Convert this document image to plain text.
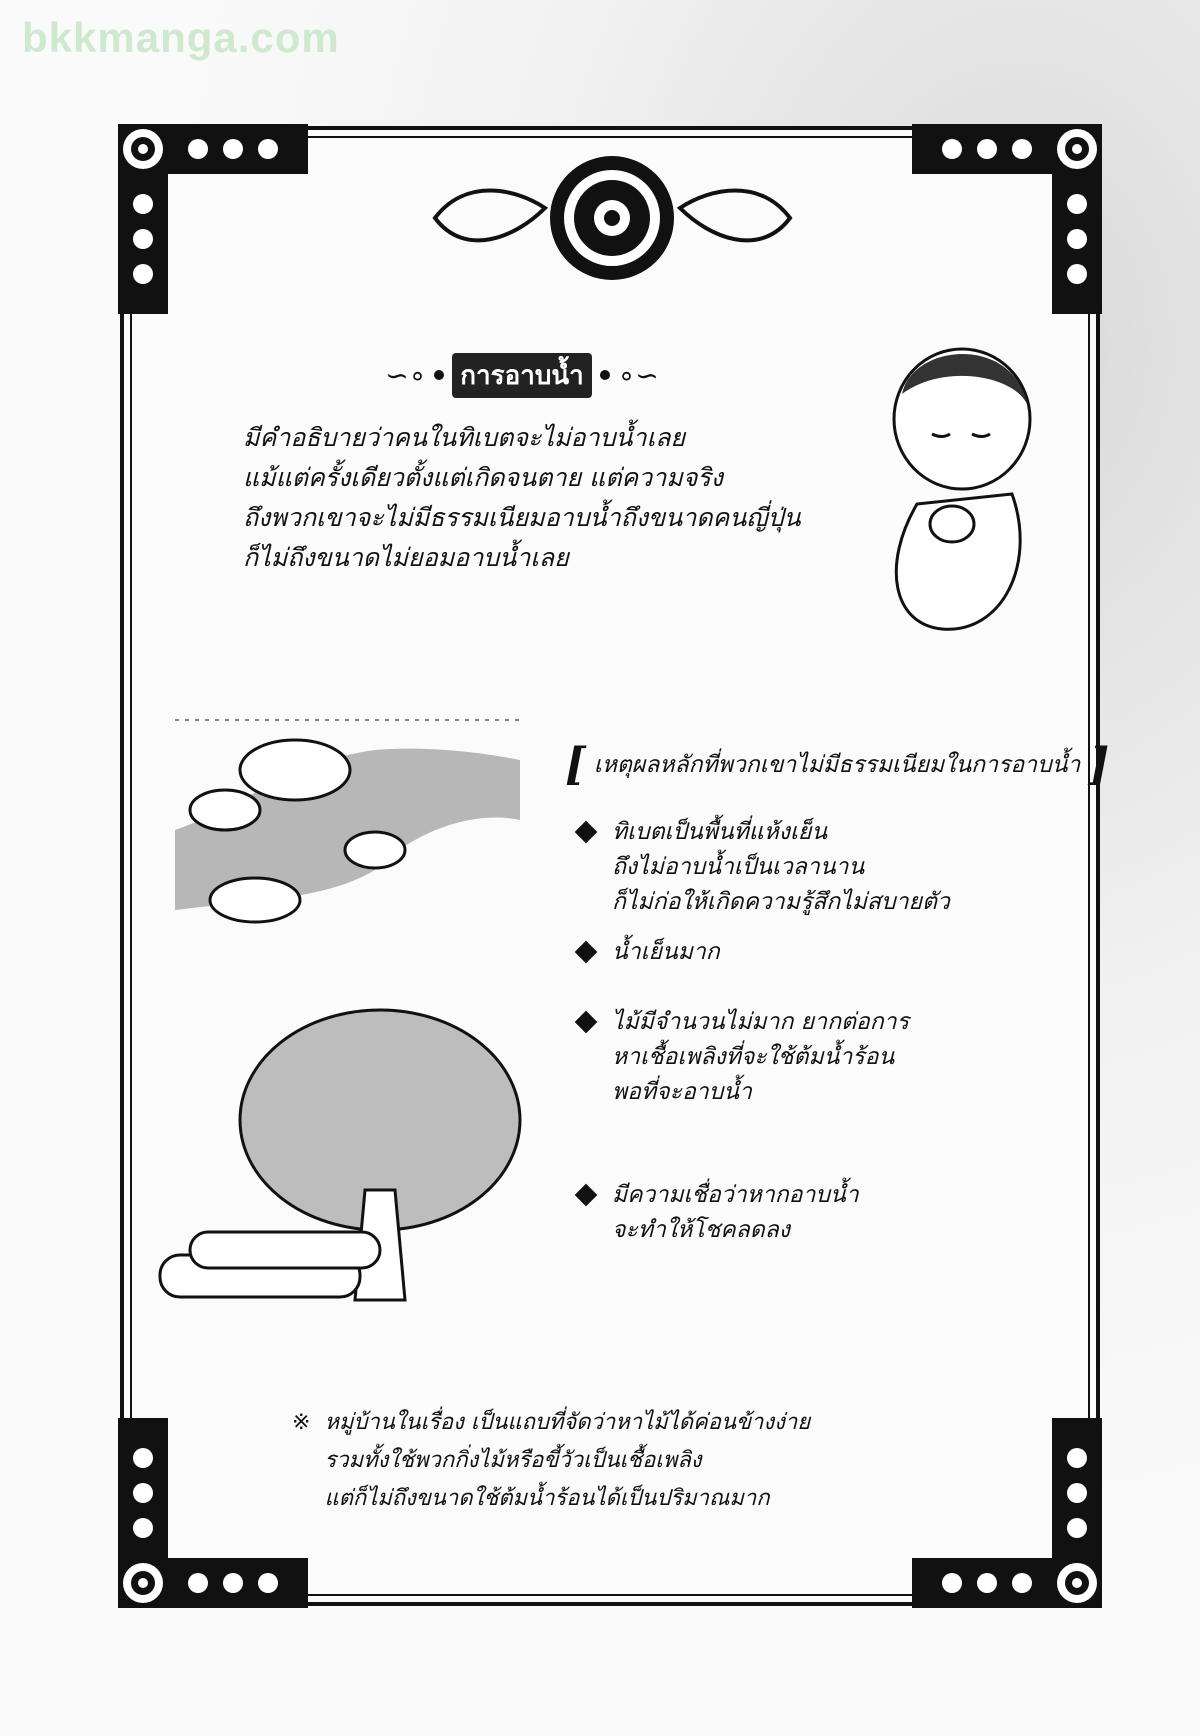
bkkmanga.com
∽∘	การอาบน้ำ ∘∽
มีคำอธิบายว่าคนในทิเบตจะไม่อาบน้ำเลย
แม้แต่ครั้งเดียวตั้งแต่เกิดจนตาย แต่ความจริง
ถึงพวกเขาจะไม่มีธรรมเนียมอาบน้ำถึงขนาดคนญี่ปุ่น
ก็ไม่ถึงขนาดไม่ยอมอาบน้ำเลย
[ เหตุผลหลักที่พวกเขาไม่มีธรรมเนียมในการอาบน้ำ ]
ทิเบตเป็นพื้นที่แห้งเย็น
ถึงไม่อาบน้ำเป็นเวลานาน
ก็ไม่ก่อให้เกิดความรู้สึกไม่สบายตัว
น้ำเย็นมาก
ไม้มีจำนวนไม่มาก ยากต่อการ
หาเชื้อเพลิงที่จะใช้ต้มน้ำร้อน
พอที่จะอาบน้ำ
มีความเชื่อว่าหากอาบน้ำ
จะทำให้โชคลดลง
※ หมู่บ้านในเรื่อง เป็นแถบที่จัดว่าหาไม้ได้ค่อนข้างง่าย
รวมทั้งใช้พวกกิ่งไม้หรือขี้วัวเป็นเชื้อเพลิง
แต่ก็ไม่ถึงขนาดใช้ต้มน้ำร้อนได้เป็นปริมาณมาก
